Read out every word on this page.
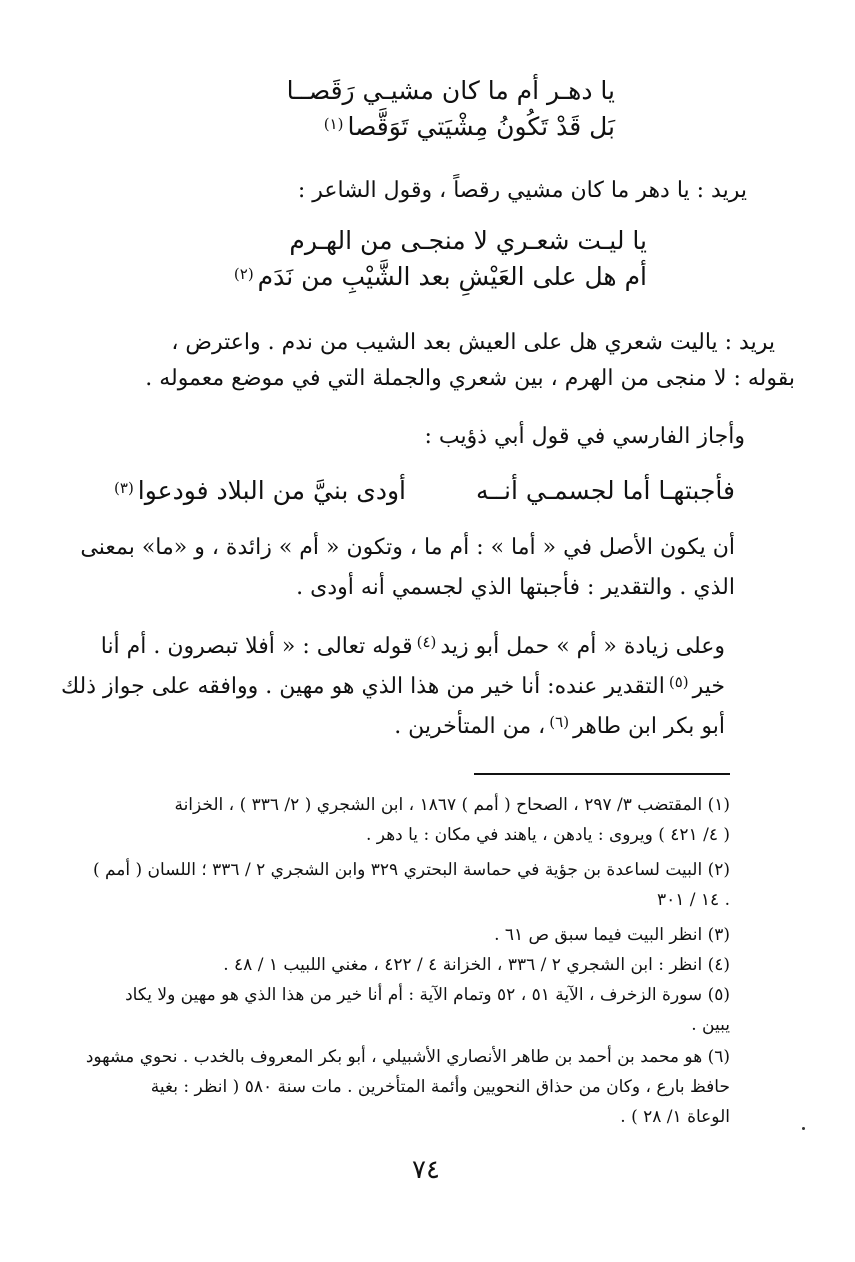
يا دهـر أم ما كان مشيـي رَقَصــا
بَل قَدْ تَكُونُ مِشْيَتي تَوَقَّصا$^{(١)}$
يريد : يا دهر ما كان مشيي رقصاً ، وقول الشاعر :
يا ليـت شعـري لا منجـى من الهـرم
أم هل على العَيْشِ بعد الشَّيْبِ من نَدَم$^{(٢)}$
يريد : ياليت شعري هل على العيش بعد الشيب من ندم . واعترض ،
بقوله : لا منجى من الهرم ، بين شعري والجملة التي في موضع معموله .
وأجاز الفارسي في قول أبي ذؤيب :
فأجبتهـا أما لجسمـي أنــهأودى بنيَّ من البلاد فودعوا$^{(٣)}$
أن يكون الأصل في « أما » : أم ما ، وتكون « أم » زائدة ، و «ما» بمعنى
الذي . والتقدير : فأجبتها الذي لجسمي أنه أودى .
وعلى زيادة « أم » حمل أبو زيد$^{(٤)}$قوله تعالى : « أفلا تبصرون . أم أنا
خير$^{(٥)}$التقدير عنده: أنا خير من هذا الذي هو مهين . ووافقه على جواز ذلك
أبو بكر ابن طاهر$^{(٦)}$، من المتأخرين .
(١) المقتضب ٣/ ٢٩٧ ، الصحاح ( أمم ) ١٨٦٧ ، ابن الشجري ( ٢/ ٣٣٦ ) ، الخزانة
( ٤/ ٤٢١ ) ويروى : يادهن ، ياهند في مكان : يا دهر .
(٢) البيت لساعدة بن جؤية في حماسة البحتري ٣٢٩ وابن الشجري ٢ / ٣٣٦ ؛ اللسان ( أمم )
١٤ / ٣٠١ .
(٣) انظر البيت فيما سبق ص ٦١ .
(٤) انظر : ابن الشجري ٢ / ٣٣٦ ، الخزانة ٤ / ٤٢٢ ، مغني اللبيب ١ / ٤٨ .
(٥) سورة الزخرف ، الآية ٥١ ، ٥٢ وتمام الآية : أم أنا خير من هذا الذي هو مهين ولا يكاد
يبين .
(٦) هو محمد بن أحمد بن طاهر الأنصاري الأشبيلي ، أبو بكر المعروف بالخدب . نحوي مشهود
حافظ بارع ، وكان من حذاق النحويين وأئمة المتأخرين . مات سنة ٥٨٠ ( انظر : بغية
الوعاة ١/ ٢٨ ) .
٧٤
